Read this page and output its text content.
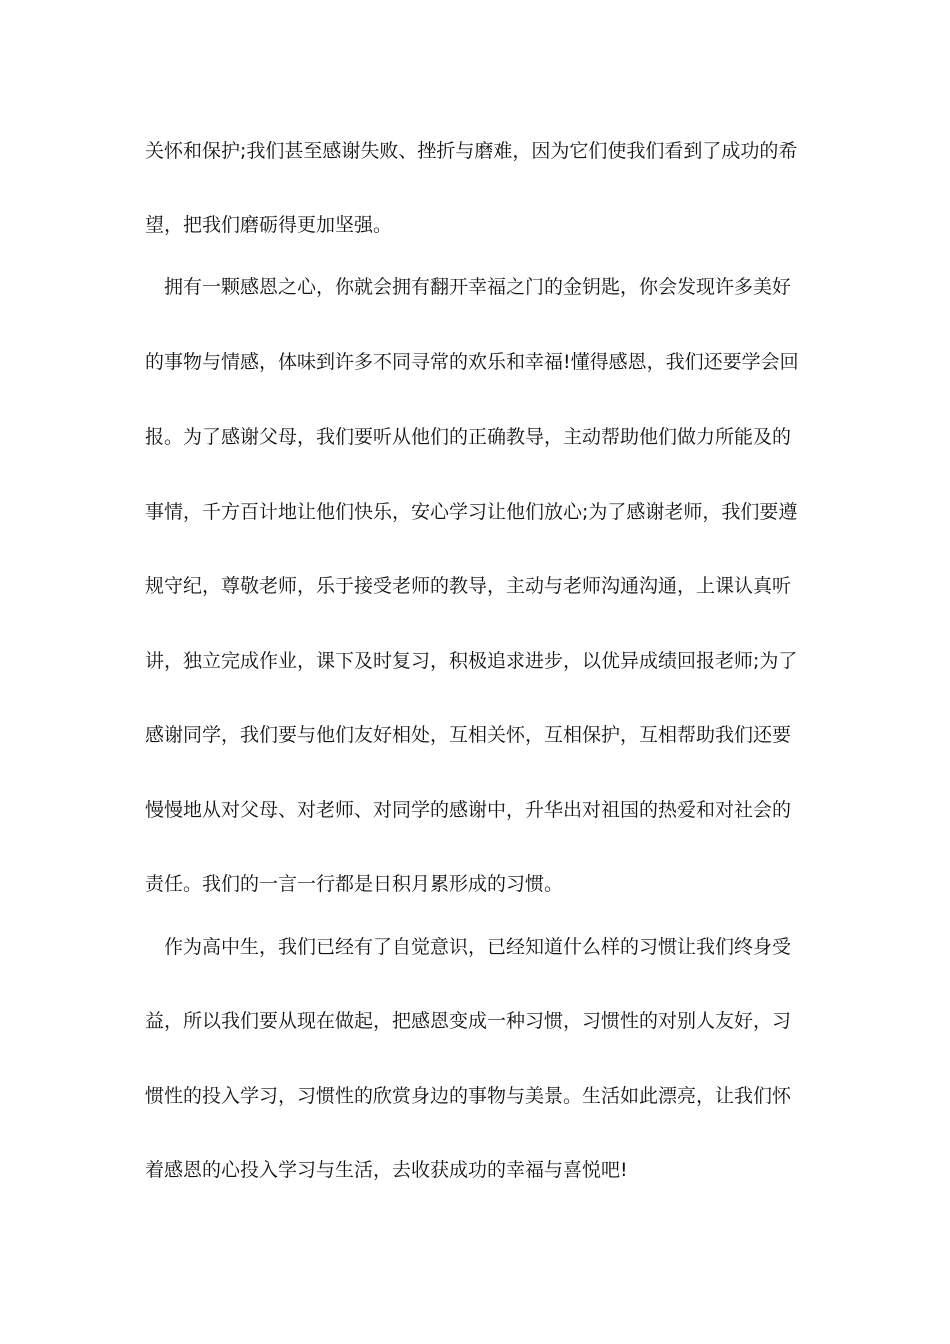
关怀和保护;我们甚至感谢失败、挫折与磨难，因为它们使我们看到了成功的希
望，把我们磨砺得更加坚强。
　拥有一颗感恩之心，你就会拥有翻开幸福之门的金钥匙，你会发现许多美好
的事物与情感，体味到许多不同寻常的欢乐和幸福!懂得感恩，我们还要学会回
报。为了感谢父母，我们要听从他们的正确教导，主动帮助他们做力所能及的
事情，千方百计地让他们快乐，安心学习让他们放心;为了感谢老师，我们要遵
规守纪，尊敬老师，乐于接受老师的教导，主动与老师沟通沟通，上课认真听
讲，独立完成作业，课下及时复习，积极追求进步，以优异成绩回报老师;为了
感谢同学，我们要与他们友好相处，互相关怀，互相保护，互相帮助我们还要
慢慢地从对父母、对老师、对同学的感谢中，升华出对祖国的热爱和对社会的
责任。我们的一言一行都是日积月累形成的习惯。
　作为高中生，我们已经有了自觉意识，已经知道什么样的习惯让我们终身受
益，所以我们要从现在做起，把感恩变成一种习惯，习惯性的对别人友好，习
惯性的投入学习，习惯性的欣赏身边的事物与美景。生活如此漂亮，让我们怀
着感恩的心投入学习与生活，去收获成功的幸福与喜悦吧!
